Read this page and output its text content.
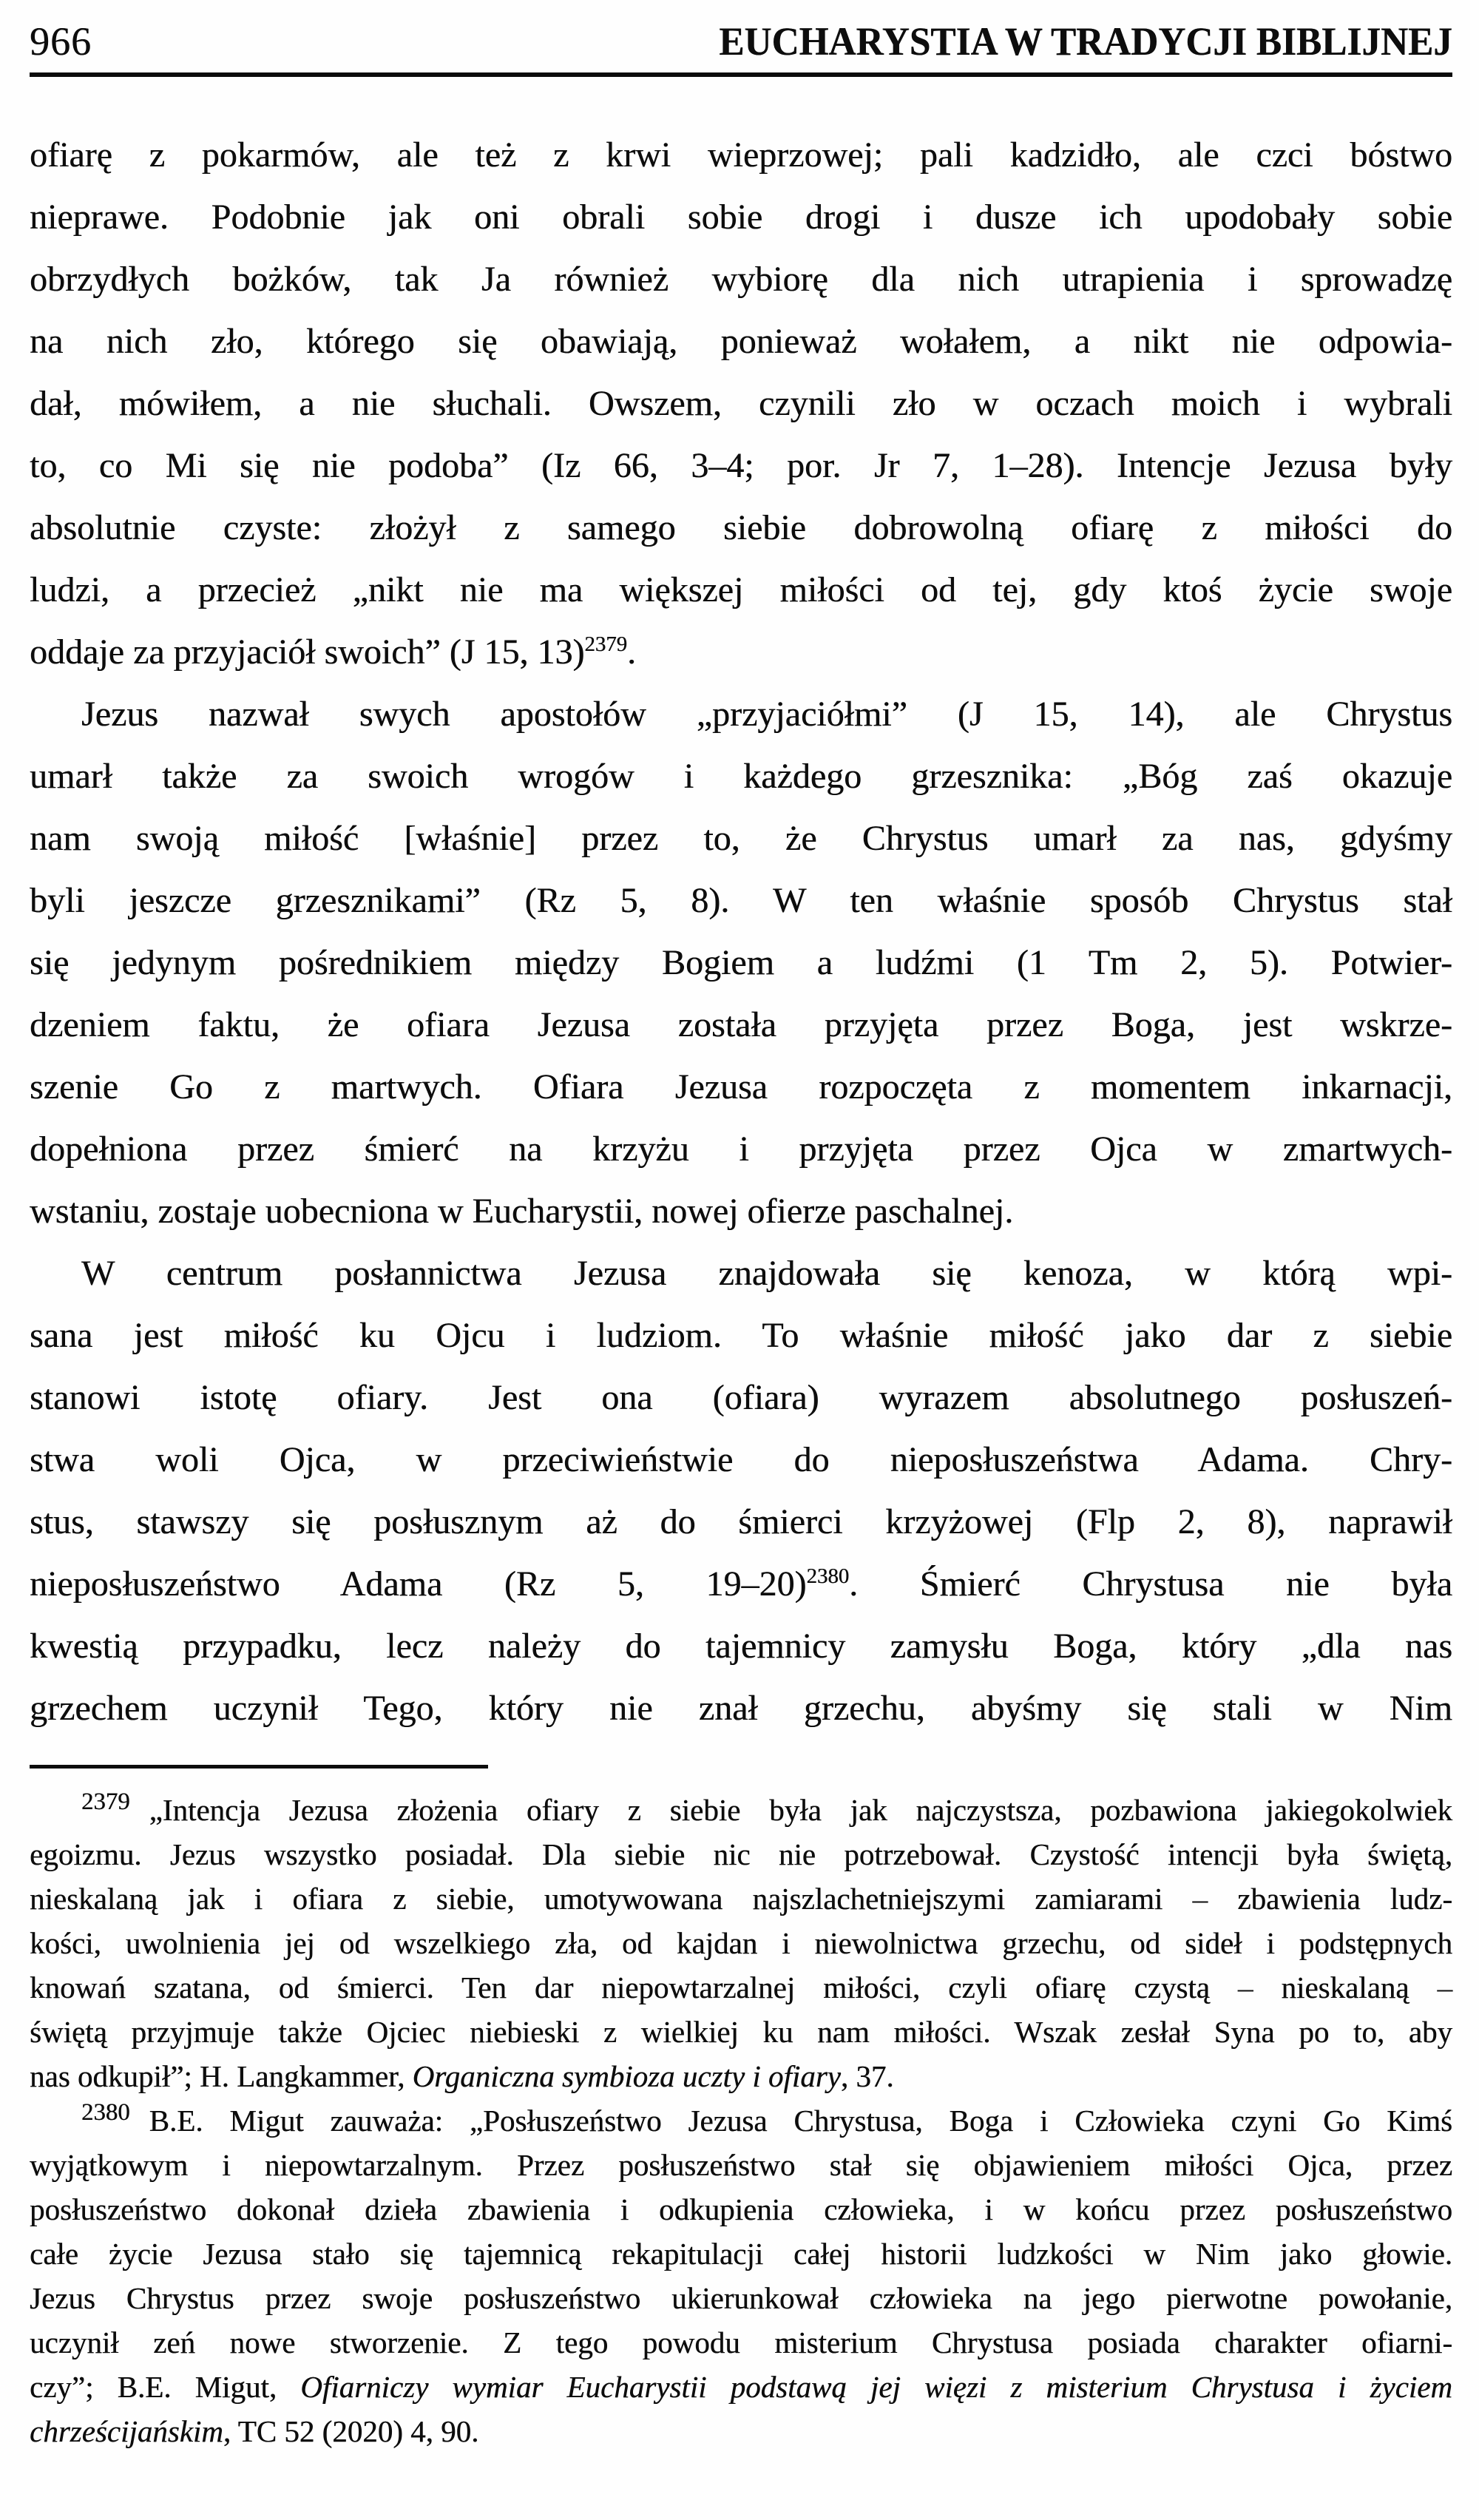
966	EUCHARYSTIA W TRADYCJI BIBLIJNEJ
ofiarę z pokarmów, ale też z krwi wieprzowej; pali kadzidło, ale czci bóstwo
nieprawe. Podobnie jak oni obrali sobie drogi i dusze ich upodobały sobie
obrzydłych bożków, tak Ja również wybiorę dla nich utrapienia i sprowadzę
na nich zło, którego się obawiają, ponieważ wołałem, a nikt nie odpowia-
dał, mówiłem, a nie słuchali. Owszem, czynili zło w oczach moich i wybrali
to, co Mi się nie podoba” (Iz 66, 3–4; por. Jr 7, 1–28). Intencje Jezusa były
absolutnie czyste: złożył z samego siebie dobrowolną ofiarę z miłości do
ludzi, a przecież „nikt nie ma większej miłości od tej, gdy ktoś życie swoje
oddaje za przyjaciół swoich” (J 15, 13)$^{2379}$.
Jezus nazwał swych apostołów „przyjaciółmi” (J 15, 14), ale Chrystus
umarł także za swoich wrogów i każdego grzesznika: „Bóg zaś okazuje
nam swoją miłość [właśnie] przez to, że Chrystus umarł za nas, gdyśmy
byli jeszcze grzesznikami” (Rz 5, 8). W ten właśnie sposób Chrystus stał
się jedynym pośrednikiem między Bogiem a ludźmi (1 Tm 2, 5). Potwier-
dzeniem faktu, że ofiara Jezusa została przyjęta przez Boga, jest wskrze-
szenie Go z martwych. Ofiara Jezusa rozpoczęta z momentem inkarnacji,
dopełniona przez śmierć na krzyżu i przyjęta przez Ojca w zmartwych-
wstaniu, zostaje uobecniona w Eucharystii, nowej ofierze paschalnej.
W centrum posłannictwa Jezusa znajdowała się kenoza, w którą wpi-
sana jest miłość ku Ojcu i ludziom. To właśnie miłość jako dar z siebie
stanowi istotę ofiary. Jest ona (ofiara) wyrazem absolutnego posłuszeń-
stwa woli Ojca, w przeciwieństwie do nieposłuszeństwa Adama. Chry-
stus, stawszy się posłusznym aż do śmierci krzyżowej (Flp 2, 8), naprawił
nieposłuszeństwo Adama (Rz 5, 19–20)$^{2380}$. Śmierć Chrystusa nie była
kwestią przypadku, lecz należy do tajemnicy zamysłu Boga, który „dla nas
grzechem uczynił Tego, który nie znał grzechu, abyśmy się stali w Nim
$^{2379}$ „Intencja Jezusa złożenia ofiary z siebie była jak najczystsza, pozbawiona jakiegokolwiek
egoizmu. Jezus wszystko posiadał. Dla siebie nic nie potrzebował. Czystość intencji była świętą,
nieskalaną jak i ofiara z siebie, umotywowana najszlachetniejszymi zamiarami – zbawienia ludz-
kości, uwolnienia jej od wszelkiego zła, od kajdan i niewolnictwa grzechu, od sideł i podstępnych
knowań szatana, od śmierci. Ten dar niepowtarzalnej miłości, czyli ofiarę czystą – nieskalaną –
świętą przyjmuje także Ojciec niebieski z wielkiej ku nam miłości. Wszak zesłał Syna po to, aby
nas odkupił”; H. Langkammer, Organiczna symbioza uczty i ofiary, 37.
$^{2380}$ B.E. Migut zauważa: „Posłuszeństwo Jezusa Chrystusa, Boga i Człowieka czyni Go Kimś
wyjątkowym i niepowtarzalnym. Przez posłuszeństwo stał się objawieniem miłości Ojca, przez
posłuszeństwo dokonał dzieła zbawienia i odkupienia człowieka, i w końcu przez posłuszeństwo
całe życie Jezusa stało się tajemnicą rekapitulacji całej historii ludzkości w Nim jako głowie.
Jezus Chrystus przez swoje posłuszeństwo ukierunkował człowieka na jego pierwotne powołanie,
uczynił zeń nowe stworzenie. Z tego powodu misterium Chrystusa posiada charakter ofiarni-
czy”; B.E. Migut, Ofiarniczy wymiar Eucharystii podstawą jej więzi z misterium Chrystusa i życiem
chrześcijańskim, TC 52 (2020) 4, 90.
